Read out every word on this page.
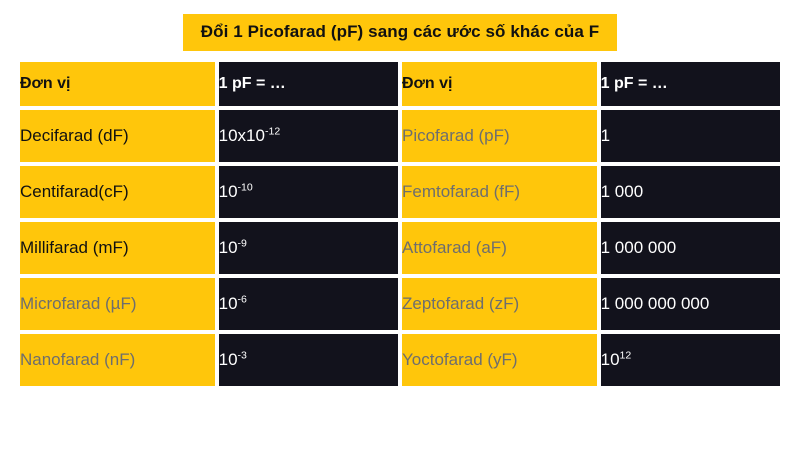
Đổi 1 Picofarad (pF) sang các ước số khác của F
Đơn vị	1 pF = …	Đơn vị	1 pF = …
Decifarad (dF)	$10x10^{-12}$	Picofarad (pF)	1
Centifarad(cF)	$10^{-10}$	Femtofarad (fF)	1 000
Millifarad (mF)	$10^{-9}$	Attofarad (aF)	1 000 000
Microfarad (µF)	$10^{-6}$	Zeptofarad (zF)	1 000 000 000
Nanofarad (nF)	$10^{-3}$	Yoctofarad (yF)	$10^{12}$
